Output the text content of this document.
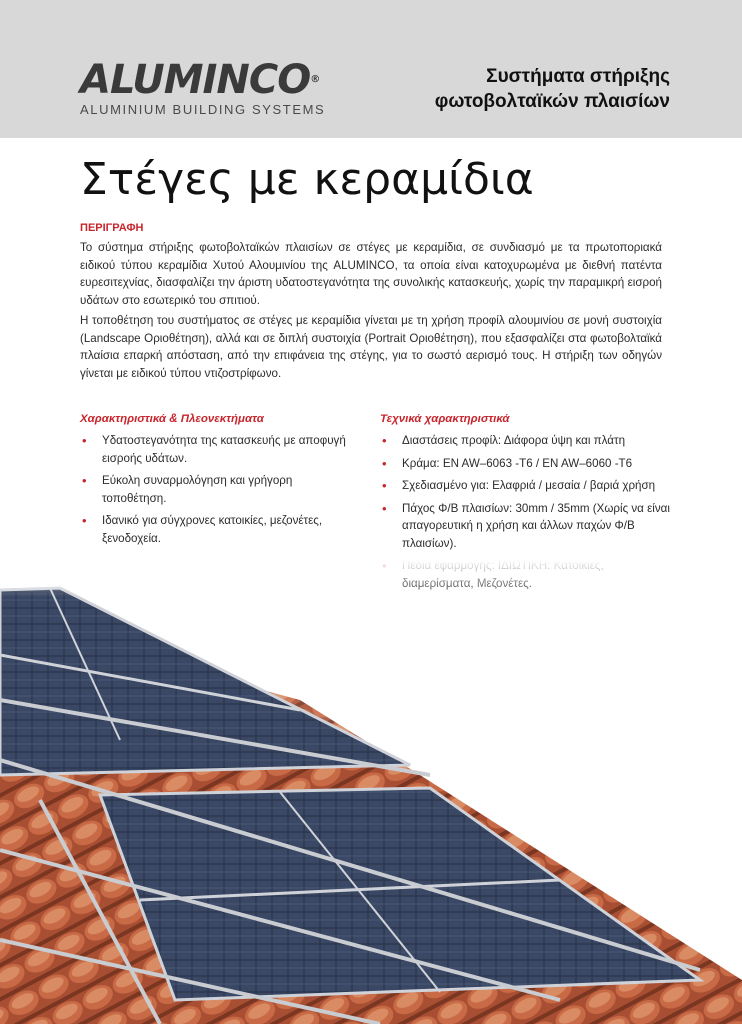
ALUMINCO®
ALUMINIUM BUILDING SYSTEMS
Συστήματα στήριξης
φωτοβολταϊκών πλαισίων
Στέγες με κεραμίδια
ΠΕΡΙΓΡΑΦΗ

Το σύστημα στήριξης φωτοβολταϊκών πλαισίων σε στέγες με κεραμίδια, σε συνδιασμό με τα πρωτοποριακά ειδικού τύπου κεραμίδια Χυτού Αλουμινίου της ALUMINCO, τα οποία είναι κατοχυρωμένα με διεθνή πατέντα ευρεσιτεχνίας, διασφαλίζει την άριστη υδατοστεγανότητα της συνολικής κατασκευής, χωρίς την παραμικρή εισροή υδάτων στο εσωτερικό του σπιτιού.

Η τοποθέτηση του συστήματος σε στέγες με κεραμίδια γίνεται με τη χρήση προφίλ αλουμινίου σε μονή συστοιχία (Landscape Οριοθέτηση), αλλά και σε διπλή συστοιχία (Portrait Οριοθέτηση), που εξασφαλίζει στα φωτοβολταϊκά πλαίσια επαρκή απόσταση, από την επιφάνεια της στέγης, για το σωστό αερισμό τους. Η στήριξη των οδηγών γίνεται με ειδικού τύπου ντιζοστρίφωνο.

Χαρακτηριστικά & Πλεονεκτήματα
• Υδατοστεγανότητα της κατασκευής με αποφυγή εισροής υδάτων.
• Εύκολη συναρμολόγηση και γρήγορη τοποθέτηση.
• Ιδανικό για σύγχρονες κατοικίες, μεζονέτες, ξενοδοχεία.
Τεχνικά χαρακτηριστικά
• Διαστάσεις προφίλ: Διάφορα ύψη και πλάτη
• Κράμα: EN AW–6063 -T6 / EN AW–6060 -T6
• Σχεδιασμένο για: Ελαφριά / μεσαία / βαριά χρήση
• Πάχος Φ/Β πλαισίων: 30mm / 35mm (Χωρίς να είναι απαγορευτική η χρήση και άλλων παχών Φ/Β πλαισίων).
